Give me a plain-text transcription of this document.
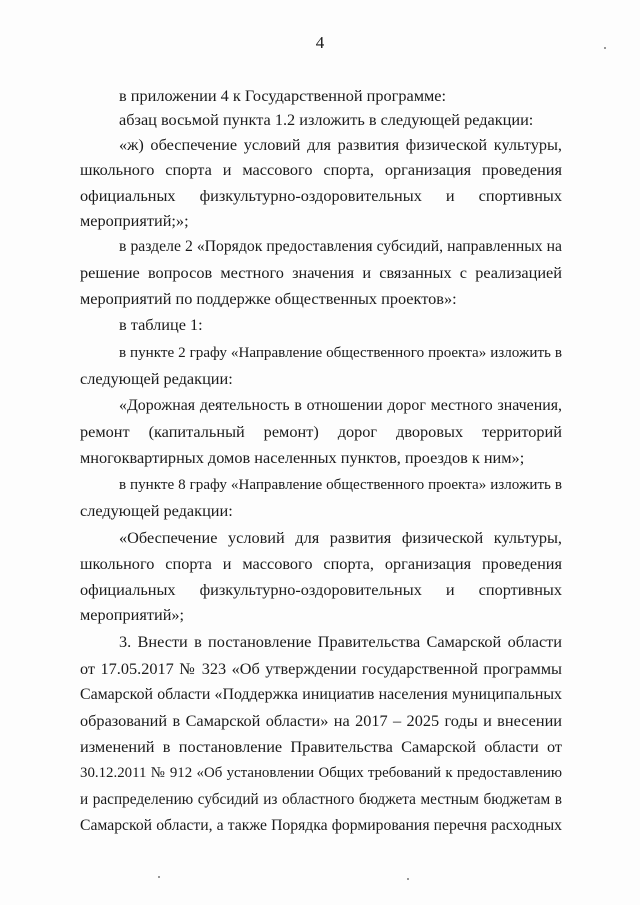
4
в приложении 4 к Государственной программе:
абзац восьмой пункта 1.2 изложить в следующей редакции:
«ж) обеспечение условий для развития физической культуры,
школьного спорта и массового спорта, организация проведения
официальных физкультурно-оздоровительных и спортивных
мероприятий;»;
в разделе 2 «Порядок предоставления субсидий, направленных на
решение вопросов местного значения и связанных с реализацией
мероприятий по поддержке общественных проектов»:
в таблице 1:
в пункте 2 графу «Направление общественного проекта» изложить в
следующей редакции:
«Дорожная деятельность в отношении дорог местного значения,
ремонт (капитальный ремонт) дорог дворовых территорий
многоквартирных домов населенных пунктов, проездов к ним»;
в пункте 8 графу «Направление общественного проекта» изложить в
следующей редакции:
«Обеспечение условий для развития физической культуры,
школьного спорта и массового спорта, организация проведения
официальных физкультурно-оздоровительных и спортивных
мероприятий»;
3. Внести в постановление Правительства Самарской области
от 17.05.2017 № 323 «Об утверждении государственной программы
Самарской области «Поддержка инициатив населения муниципальных
образований в Самарской области» на 2017 – 2025 годы и внесении
изменений в постановление Правительства Самарской области от
30.12.2011 № 912 «Об установлении Общих требований к предоставлению
и распределению субсидий из областного бюджета местным бюджетам в
Самарской области, а также Порядка формирования перечня расходных
